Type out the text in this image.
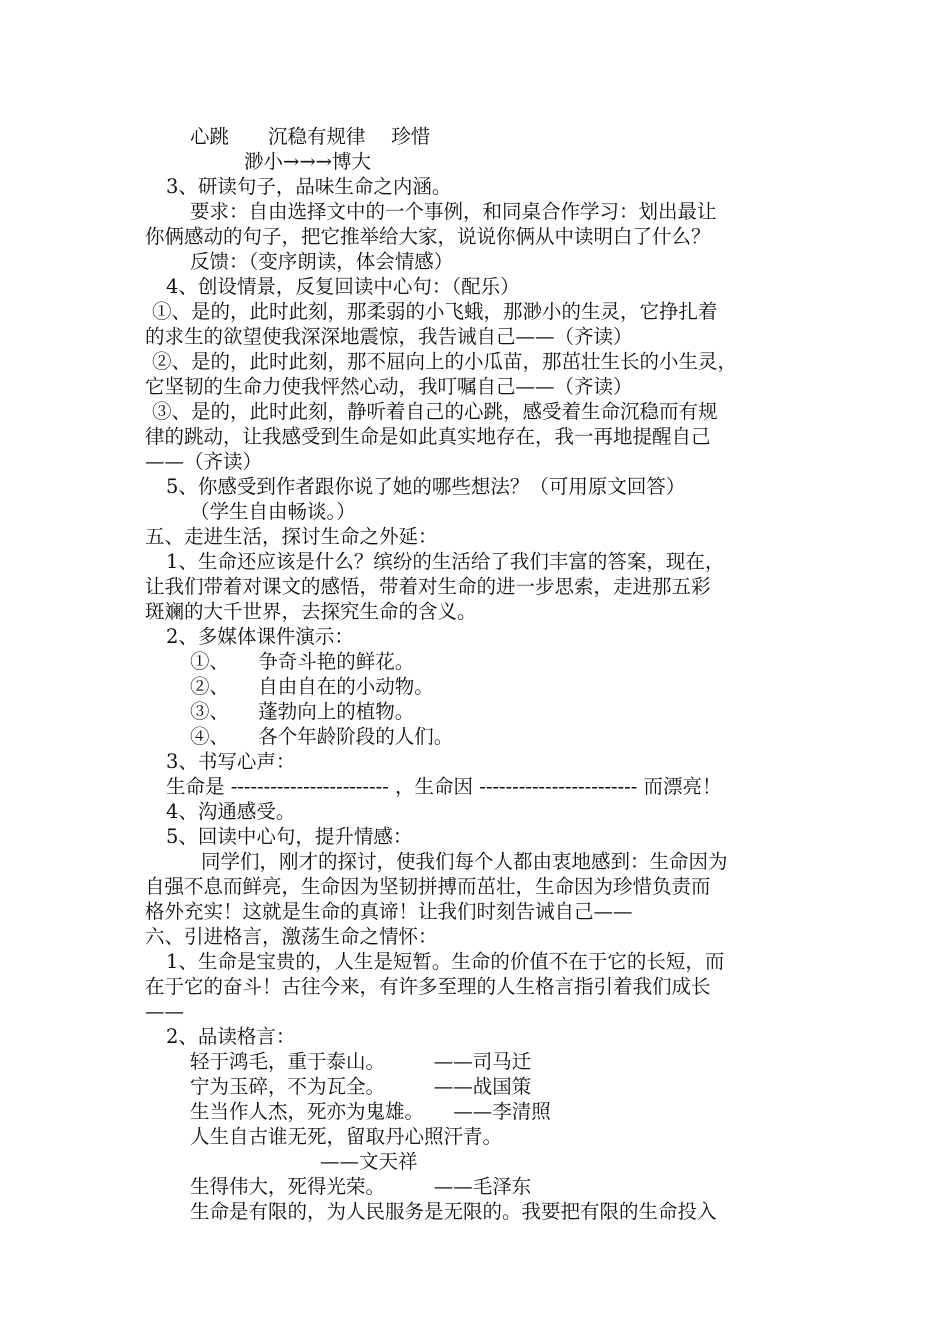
心跳　　沉稳有规律　 珍惜

渺小→→→博大

3、研读句子，品味生命之内涵。

要求：自由选择文中的一个事例，和同桌合作学习：划出最让

你俩感动的句子，把它推举给大家，说说你俩从中读明白了什么？

反馈：（变序朗读，体会情感）

4、创设情景，反复回读中心句：（配乐）

①、是的，此时此刻，那柔弱的小飞蛾，那渺小的生灵，它挣扎着

的求生的欲望使我深深地震惊，我告诫自己——（齐读）

②、是的，此时此刻，那不屈向上的小瓜苗，那茁壮生长的小生灵，

它坚韧的生命力使我怦然心动，我叮嘱自己——（齐读）

③、是的，此时此刻，静听着自己的心跳，感受着生命沉稳而有规

律的跳动，让我感受到生命是如此真实地存在，我一再地提醒自己

——（齐读）

5、你感受到作者跟你说了她的哪些想法？（可用原文回答）

（学生自由畅谈。）

五、走进生活，探讨生命之外延：

1、生命还应该是什么？缤纷的生活给了我们丰富的答案，现在，

让我们带着对课文的感悟，带着对生命的进一步思索，走进那五彩

斑斓的大千世界，去探究生命的含义。

2、多媒体课件演示：

①、　　争奇斗艳的鲜花。

②、　　自由自在的小动物。

③、　　蓬勃向上的植物。

④、　　各个年龄阶段的人们。

3、书写心声：

生命是 ------------------------ ，生命因 ------------------------ 而漂亮！

4、沟通感受。

5、回读中心句，提升情感：

同学们，刚才的探讨，使我们每个人都由衷地感到：生命因为

自强不息而鲜亮，生命因为坚韧拼搏而茁壮，生命因为珍惜负责而

格外充实！这就是生命的真谛！让我们时刻告诫自己——

六、引进格言，激荡生命之情怀：

1、生命是宝贵的，人生是短暂。生命的价值不在于它的长短，而

在于它的奋斗！古往今来，有许多至理的人生格言指引着我们成长

——

2、品读格言：

轻于鸿毛，重于泰山。　　　——司马迁

宁为玉碎，不为瓦全。　　　——战国策

生当作人杰，死亦为鬼雄。　　——李清照

人生自古谁无死，留取丹心照汗青。

——文天祥

生得伟大，死得光荣。　　　——毛泽东

生命是有限的，为人民服务是无限的。我要把有限的生命投入
